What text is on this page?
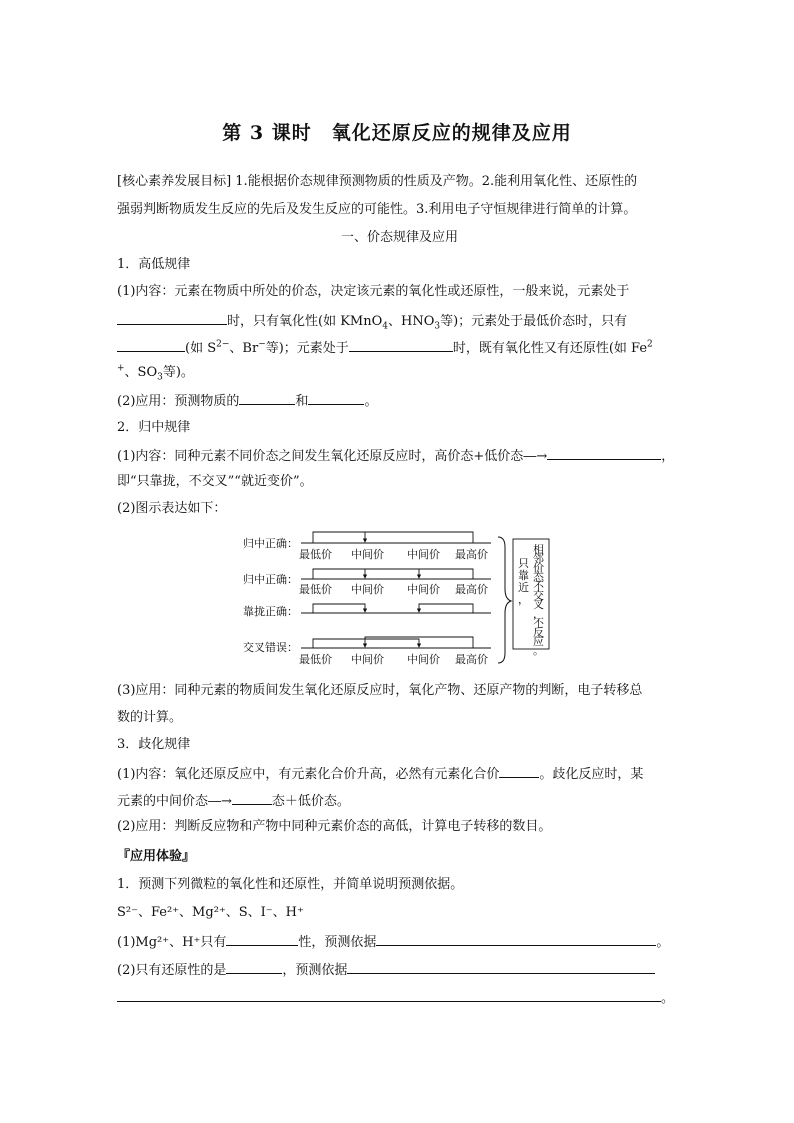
第 3 课时　氧化还原反应的规律及应用
[核心素养发展目标] 1.能根据价态规律预测物质的性质及产物。2.能利用氧化性、还原性的
强弱判断物质发生反应的先后及发生反应的可能性。3.利用电子守恒规律进行简单的计算。
一、价态规律及应用
1．高低规律
(1)内容：元素在物质中所处的价态，决定该元素的氧化性或还原性，一般来说，元素处于
时，只有氧化性(如 KMnO$_4$、$HNO_3$等)；元素处于最低价态时，只有
(如 $S^{2-}$、Br−等)；元素处于	时，既有氧化性又有还原性(如 Fe$^2$
+、$SO_3$等)。
(2)应用：预测物质的	和	。
2．归中规律
(1)内容：同种元素不同价态之间发生氧化还原反应时，高价态+低价态―→	，
即“只靠拢，不交叉”“就近变价”。
(2)图示表达如下：
归中正确：
最低价 中间价 中间价 最高价
归中正确：
最低价 中间价 中间价 最高价
靠拢正确：
交叉错误：
最低价 中间价 中间价 最高价
相
邻
价
态
不
交
叉
，
不
反
应
。
只
靠
近
，
(3)应用：同种元素的物质间发生氧化还原反应时，氧化产物、还原产物的判断，电子转移总
数的计算。
3．歧化规律
(1)内容：氧化还原反应中，有元素化合价升高，必然有元素化合价	。歧化反应时，某
元素的中间价态―→	态＋低价态。
(2)应用：判断反应物和产物中同种元素价态的高低，计算电子转移的数目。
『应用体验』
1．预测下列微粒的氧化性和还原性，并简单说明预测依据。
S²⁻、Fe²⁺、Mg²⁺、S、I⁻、H⁺
(1)Mg²⁺、H⁺只有	性，预测依据	。
(2)只有还原性的是	，预测依据
。
